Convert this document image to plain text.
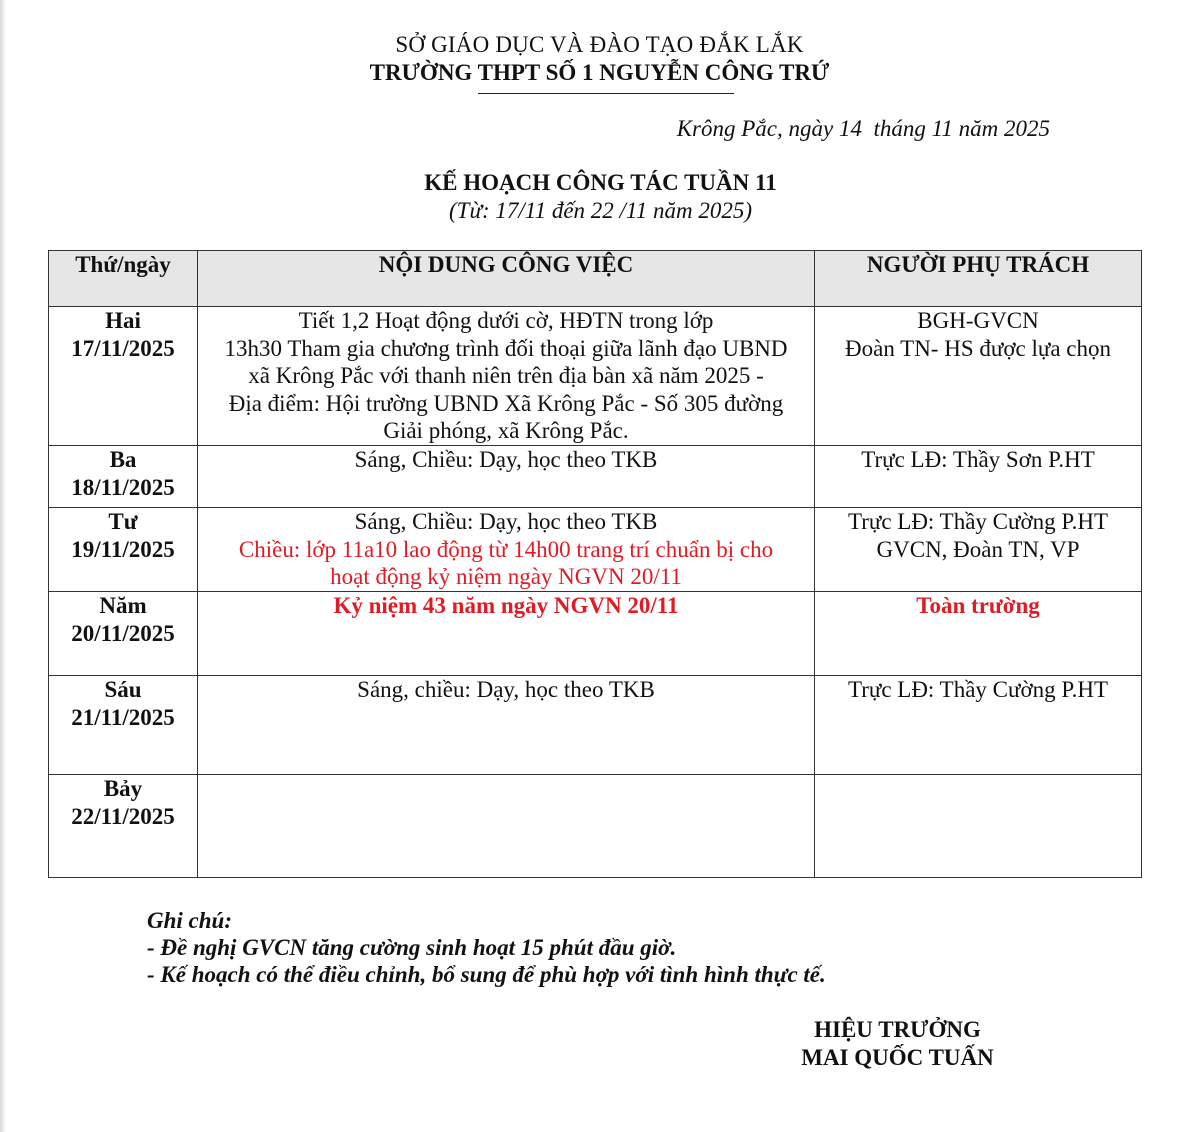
SỞ GIÁO DỤC VÀ ĐÀO TẠO ĐẮK LẮK
TRƯỜNG THPT SỐ 1 NGUYỄN CÔNG TRỨ
Krông Pắc, ngày 14  tháng 11 năm 2025
KẾ HOẠCH CÔNG TÁC TUẦN 11
(Từ: 17/11 đến 22 /11 năm 2025)
Thứ/ngày	NỘI DUNG CÔNG VIỆC	NGƯỜI PHỤ TRÁCH

Hai
17/11/2025	Tiết 1,2 Hoạt động dưới cờ, HĐTN trong lớp
13h30 Tham gia chương trình đối thoại giữa lãnh đạo UBND
xã Krông Pắc với thanh niên trên địa bàn xã năm 2025 -
Địa điểm: Hội trường UBND Xã Krông Pắc - Số 305 đường
Giải phóng, xã Krông Pắc.	BGH-GVCN
Đoàn TN- HS được lựa chọn

Ba
18/11/2025	Sáng, Chiều: Dạy, học theo TKB	Trực LĐ: Thầy Sơn P.HT

Tư
19/11/2025	Sáng, Chiều: Dạy, học theo TKB
Chiều: lớp 11a10 lao động từ 14h00 trang trí chuẩn bị cho
hoạt động kỷ niệm ngày NGVN 20/11	Trực LĐ: Thầy Cường P.HT
GVCN, Đoàn TN, VP

Năm
20/11/2025	Kỷ niệm 43 năm ngày NGVN 20/11	Toàn trường

Sáu
21/11/2025	Sáng, chiều: Dạy, học theo TKB	Trực LĐ: Thầy Cường P.HT

Bảy
22/11/2025		

Ghi chú:
- Đề nghị GVCN tăng cường sinh hoạt 15 phút đầu giờ.
- Kế hoạch có thể điều chỉnh, bổ sung để phù hợp với tình hình thực tế.
HIỆU TRƯỞNG
MAI QUỐC TUẤN
